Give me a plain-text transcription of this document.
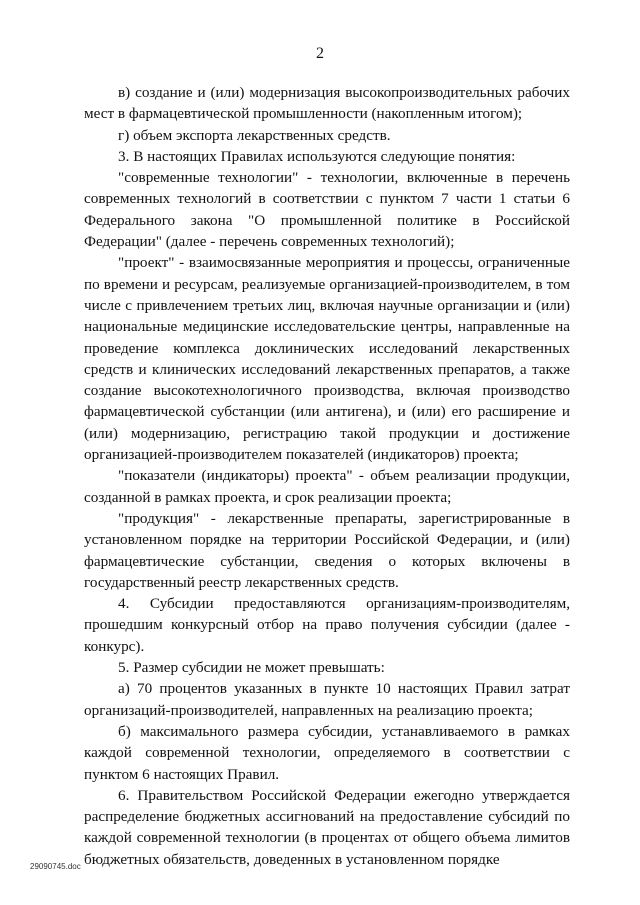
2

в) создание и (или) модернизация высокопроизводительных рабочих мест в фармацевтической промышленности (накопленным итогом);

г) объем экспорта лекарственных средств.

3. В настоящих Правилах используются следующие понятия:

"современные технологии" - технологии, включенные в перечень современных технологий в соответствии с пунктом 7 части 1 статьи 6 Федерального закона "О промышленной политике в Российской Федерации" (далее - перечень современных технологий);

"проект" - взаимосвязанные мероприятия и процессы, ограниченные по времени и ресурсам, реализуемые организацией-производителем, в том числе с привлечением третьих лиц, включая научные организации и (или) национальные медицинские исследовательские центры, направленные на проведение комплекса доклинических исследований лекарственных средств и клинических исследований лекарственных препаратов, а также создание высокотехнологичного производства, включая производство фармацевтической субстанции (или антигена), и (или) его расширение и (или) модернизацию, регистрацию такой продукции и достижение организацией-производителем показателей (индикаторов) проекта;

"показатели (индикаторы) проекта" - объем реализации продукции, созданной в рамках проекта, и срок реализации проекта;

"продукция" - лекарственные препараты, зарегистрированные в установленном порядке на территории Российской Федерации, и (или) фармацевтические субстанции, сведения о которых включены в государственный реестр лекарственных средств.

4. Субсидии предоставляются организациям-производителям, прошедшим конкурсный отбор на право получения субсидии (далее - конкурс).

5. Размер субсидии не может превышать:

а) 70 процентов указанных в пункте 10 настоящих Правил затрат организаций-производителей, направленных на реализацию проекта;

б) максимального размера субсидии, устанавливаемого в рамках каждой современной технологии, определяемого в соответствии с пунктом 6 настоящих Правил.

6. Правительством Российской Федерации ежегодно утверждается распределение бюджетных ассигнований на предоставление субсидий по каждой современной технологии (в процентах от общего объема лимитов бюджетных обязательств, доведенных в установленном порядке

29090745.doc
